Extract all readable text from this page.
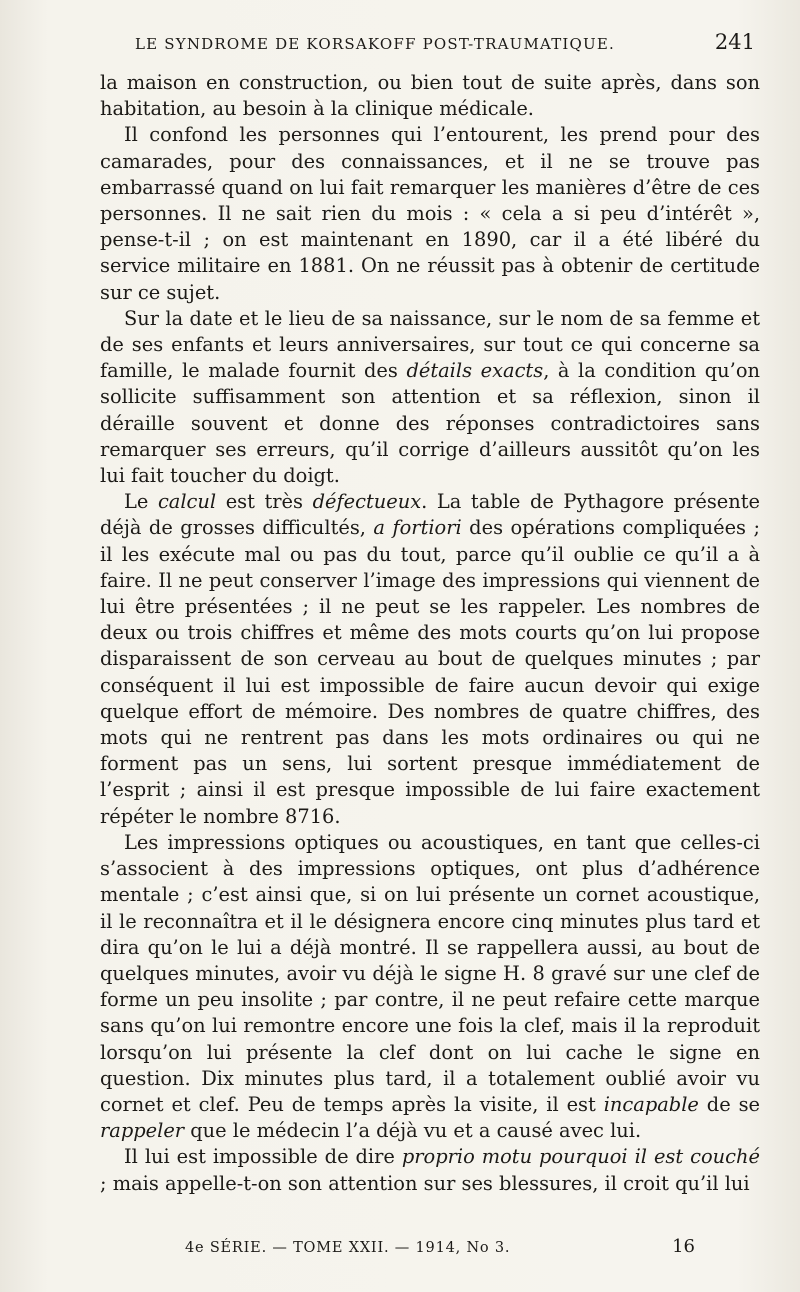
LE SYNDROME DE KORSAKOFF POST-TRAUMATIQUE.	241

la maison en construction, ou bien tout de suite après, dans son habitation, au besoin à la clinique médicale.

Il confond les personnes qui l’entourent, les prend pour des camarades, pour des connaissances, et il ne se trouve pas embarrassé quand on lui fait remarquer les manières d’être de ces personnes. Il ne sait rien du mois : « cela a si peu d’intérêt », pense-t-il ; on est maintenant en 1890, car il a été libéré du service militaire en 1881. On ne réussit pas à obtenir de certitude sur ce sujet.

Sur la date et le lieu de sa naissance, sur le nom de sa femme et de ses enfants et leurs anniversaires, sur tout ce qui concerne sa famille, le malade fournit des détails exacts, à la condition qu’on sollicite suffisamment son attention et sa réflexion, sinon il déraille souvent et donne des réponses contradictoires sans remarquer ses erreurs, qu’il corrige d’ailleurs aussitôt qu’on les lui fait toucher du doigt.

Le calcul est très défectueux. La table de Pythagore présente déjà de grosses difficultés, a fortiori des opérations compliquées ; il les exécute mal ou pas du tout, parce qu’il oublie ce qu’il a à faire. Il ne peut conserver l’image des impressions qui viennent de lui être présentées ; il ne peut se les rappeler. Les nombres de deux ou trois chiffres et même des mots courts qu’on lui propose disparaissent de son cerveau au bout de quelques minutes ; par conséquent il lui est impossible de faire aucun devoir qui exige quelque effort de mémoire. Des nombres de quatre chiffres, des mots qui ne rentrent pas dans les mots ordinaires ou qui ne forment pas un sens, lui sortent presque immédiatement de l’esprit ; ainsi il est presque impossible de lui faire exactement répéter le nombre 8716.

Les impressions optiques ou acoustiques, en tant que celles-ci s’associent à des impressions optiques, ont plus d’adhérence mentale ; c’est ainsi que, si on lui présente un cornet acoustique, il le reconnaîtra et il le désignera encore cinq minutes plus tard et dira qu’on le lui a déjà montré. Il se rappellera aussi, au bout de quelques minutes, avoir vu déjà le signe H. 8 gravé sur une clef de forme un peu insolite ; par contre, il ne peut refaire cette marque sans qu’on lui remontre encore une fois la clef, mais il la reproduit lorsqu’on lui présente la clef dont on lui cache le signe en question. Dix minutes plus tard, il a totalement oublié avoir vu cornet et clef. Peu de temps après la visite, il est incapable de se rappeler que le médecin l’a déjà vu et a causé avec lui.

Il lui est impossible de dire proprio motu pourquoi il est couché ; mais appelle-t-on son attention sur ses blessures, il croit qu’il lui

4e SÉRIE. — TOME XXII. — 1914, No 3.	16
